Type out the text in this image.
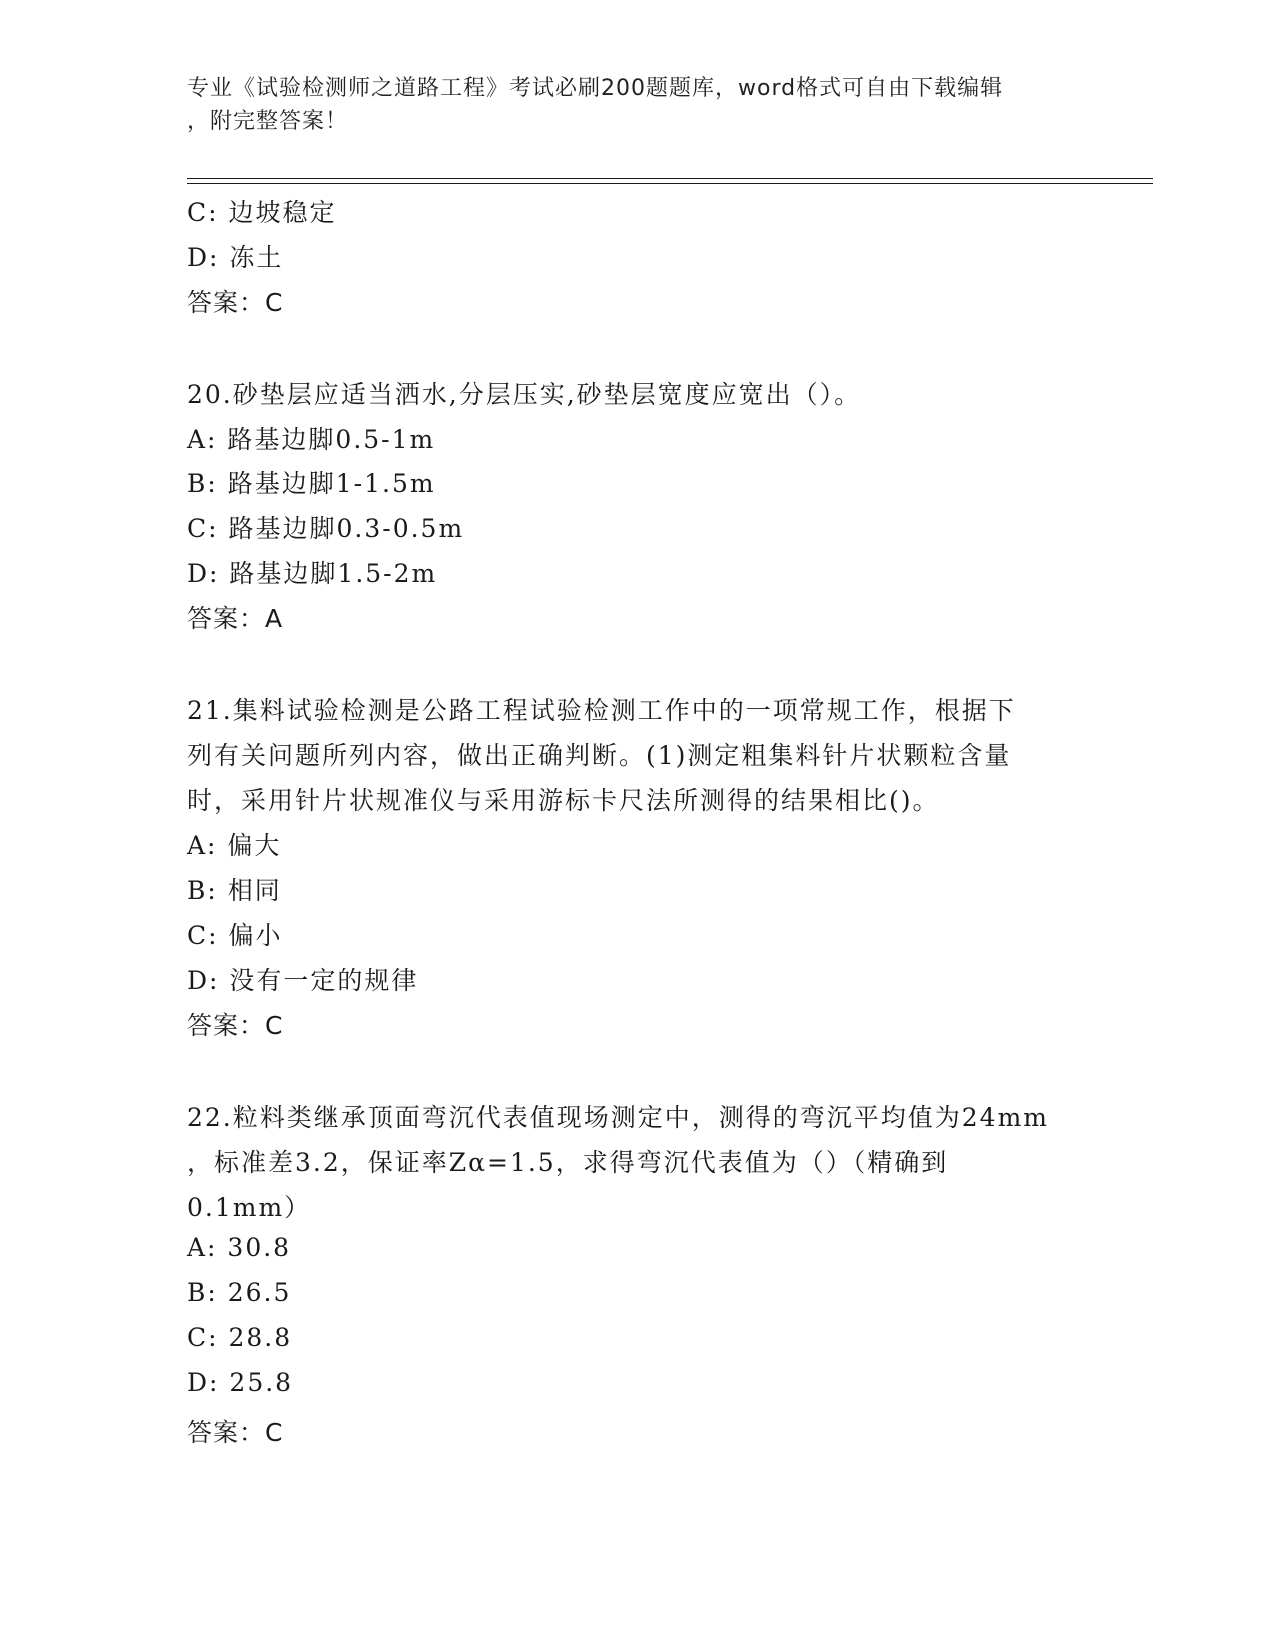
专业《试验检测师之道路工程》考试必刷200题题库，word格式可自由下载编辑

，附完整答案！

C: 边坡稳定
D: 冻土
答案：C
20.砂垫层应适当洒水,分层压实,砂垫层宽度应宽出（）。
A: 路基边脚0.5-1m
B: 路基边脚1-1.5m
C: 路基边脚0.3-0.5m
D: 路基边脚1.5-2m
答案：A
21.集料试验检测是公路工程试验检测工作中的一项常规工作，根据下
列有关问题所列内容，做出正确判断。(1)测定粗集料针片状颗粒含量
时，采用针片状规准仪与采用游标卡尺法所测得的结果相比()。
A: 偏大
B: 相同
C: 偏小
D: 没有一定的规律
答案：C
22.粒料类继承顶面弯沉代表值现场测定中，测得的弯沉平均值为24mm
，标准差3.2，保证率Zα=1.5，求得弯沉代表值为（）（精确到
0.1mm）
A: 30.8
B: 26.5
C: 28.8
D: 25.8
答案：C
